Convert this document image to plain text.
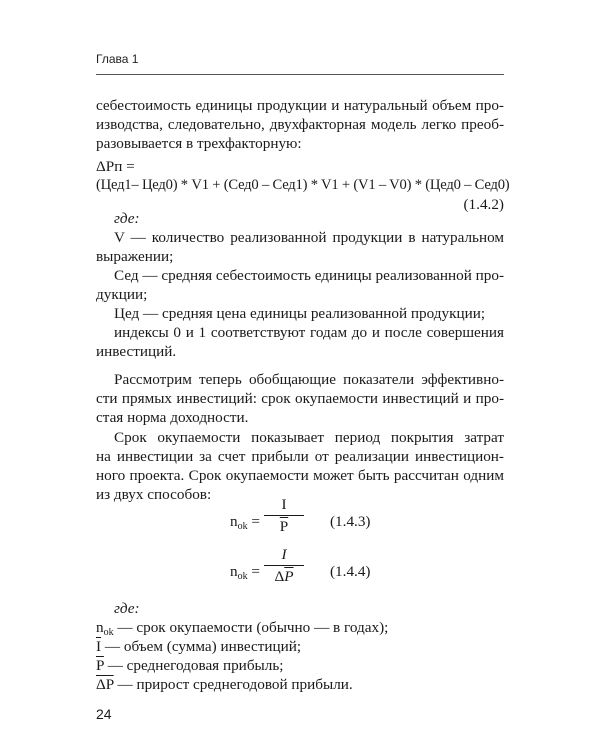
Глава 1
себестоимость единицы продукции и натуральный объем про-
изводства, следовательно, двухфакторная модель легко преоб-
разовывается в трехфакторную:
ΔPп =
(Цед1– Цед0) * V1 + (Сед0 – Сед1) * V1 + (V1 – V0) * (Цед0 – Сед0)
(1.4.2)
где:
V — количество реализованной продукции в натуральном
выражении;
Сед — средняя себестоимость единицы реализованной про-
дукции;
Цед — средняя цена единицы реализованной продукции;
индексы 0 и 1 соответствуют годам до и после совершения
инвестиций.
Рассмотрим теперь обобщающие показатели эффективно-
сти прямых инвестиций: срок окупаемости инвестиций и про-
стая норма доходности.
Срок окупаемости показывает период покрытия затрат
на инвестиции за счет прибыли от реализации инвестицион-
ного проекта. Срок окупаемости может быть рассчитан одним
из двух способов:
$n_{ok} = \frac{I}{P} (1.4.3)$
$n_{ok}$ =
I
$\Delta\overline{P}$	(1.4.4)
где:
$n_{ok}$ — срок окупаемости (обычно — в годах);
$\overline{I}$ — объем (сумма) инвестиций;
$\overline{P}$ — среднегодовая прибыль;
$\overline{\Delta P}$ — прирост среднегодовой прибыли.
24
